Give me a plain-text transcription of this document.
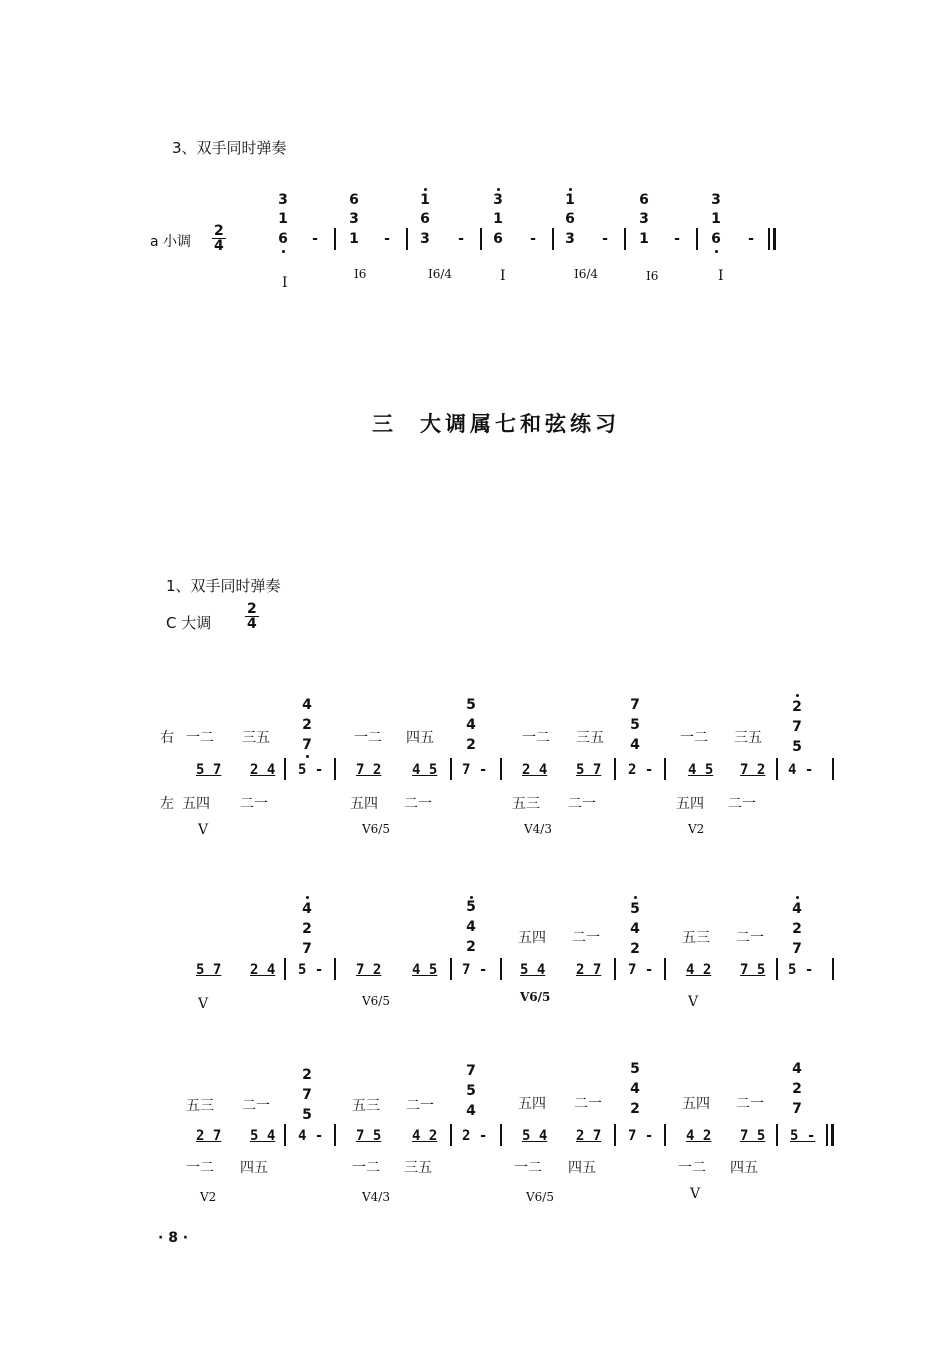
3、双手同时弹奏
a 小调 $\frac{2}{4}$
3
1
6 -
6
3
1 -
1
6
3 -
3
1
6 -
1
6
3 -
6
3
1 -
3
1
6 -
I
I6	I6/4	I	I6/4	I6	I
三 大调属七和弦练习
1、双手同时弹奏
C 大调 $\frac{2}{4}$
右 一二 三五	一二 四五	一二 三五	一二 三五
4
2
7
5
4
2
7
5
4
2
7
5
5 7 2 4 5 - 7 2 4 5 7 - 2 4 5 7 2 - 4 5 7 2 4 -
左 五四 二一	五四 二一	五三 二一	五四 二一
V	V6/5	V4/3	V2
4
2
7
5
4
2
5
4
2
4
2
7
五四 二一	五三 二一
5 7 2 4 5 - 7 2 4 5 7 - 5 4 2 7 7 - 4 2 7 5 5 -
V	V6/5	V6/5	V
2
7
5
7
5
4
5
4
2
4
2
7
五三 二一	五三 二一	五四 二一	五四 二一
2 7 5 4 4 - 7 5 4 2 2 - 5 4 2 7 7 - 4 2 7 5 5 -
一二 四五	一二 三五	一二 四五	一二 四五
V2	V4/3	V6/5	V
· 8 ·
